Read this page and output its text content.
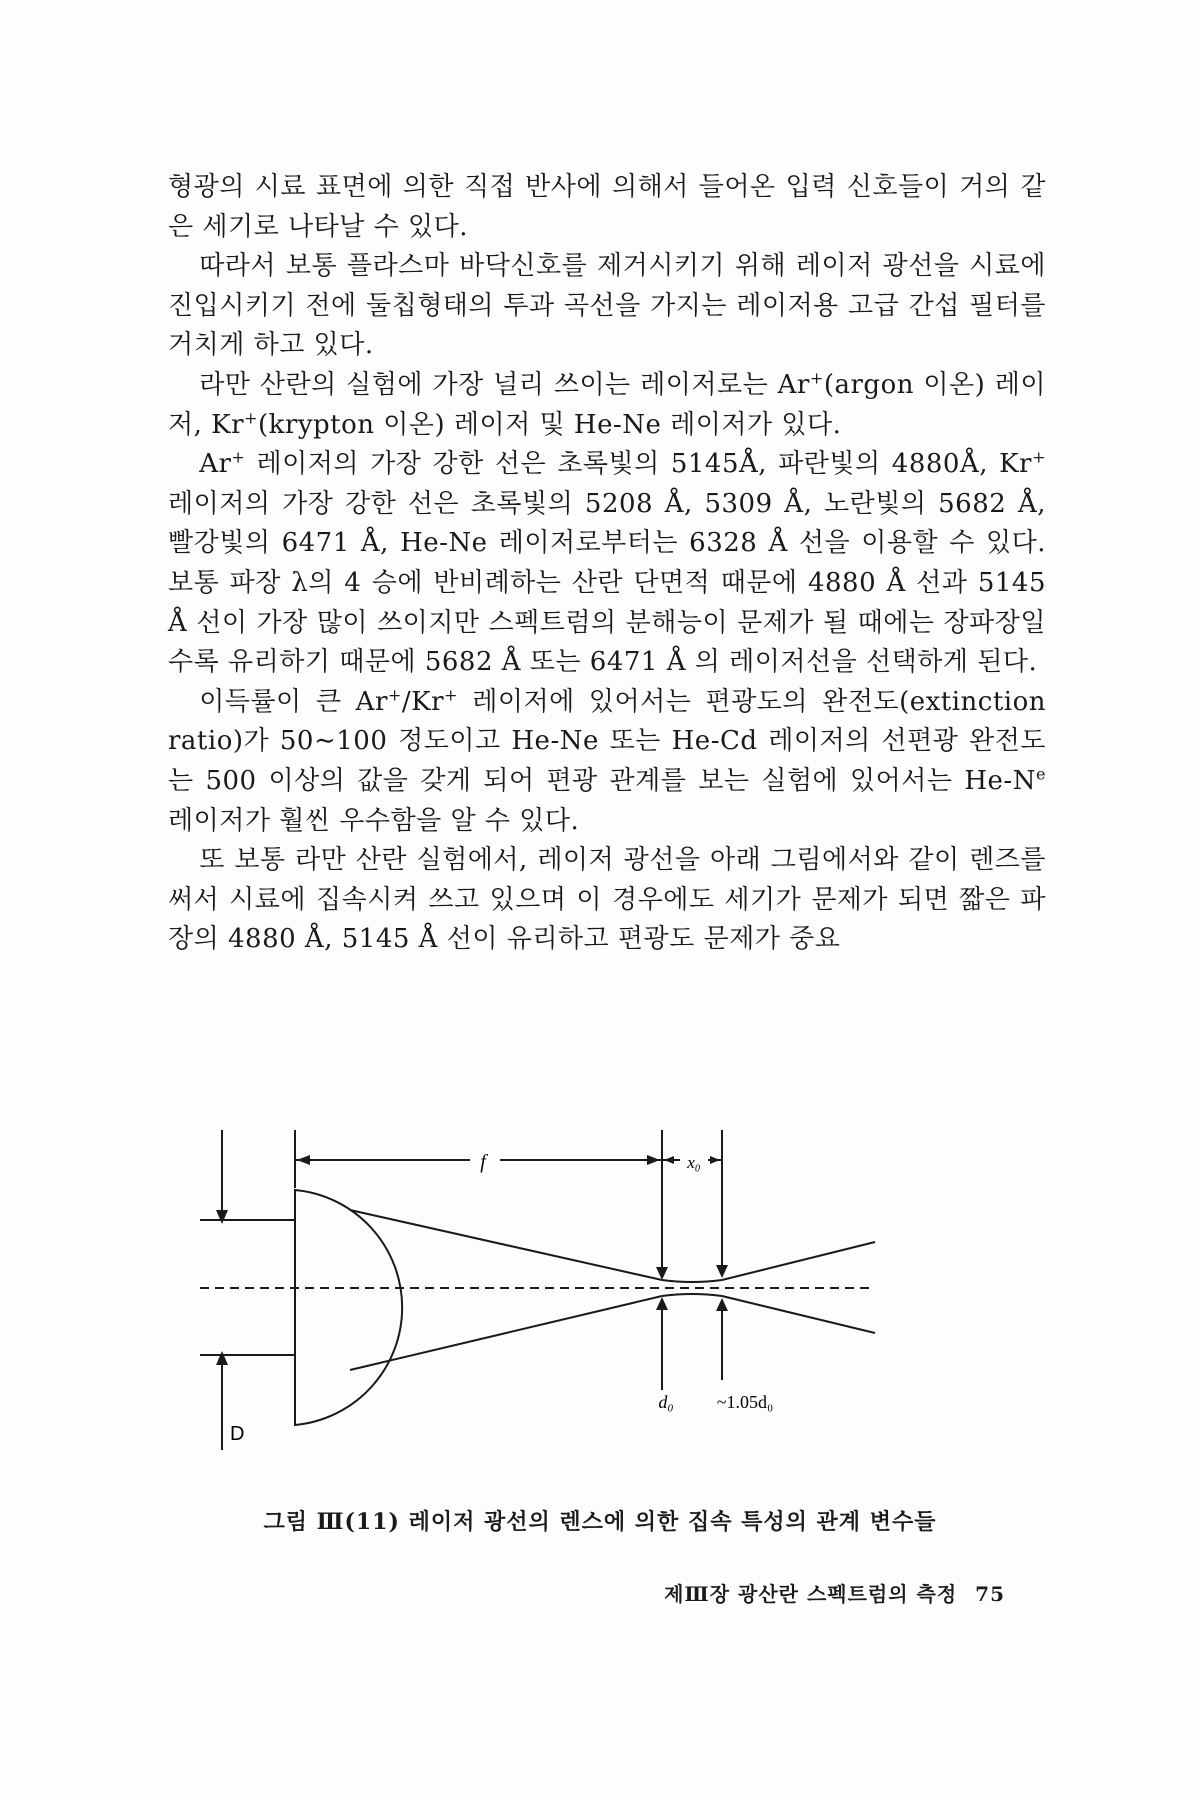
형광의 시료 표면에 의한 직접 반사에 의해서 들어온 입력 신호들이 거의 같은 세기로 나타날 수 있다.

따라서 보통 플라스마 바닥신호를 제거시키기 위해 레이저 광선을 시료에 진입시키기 전에 둘칩형태의 투과 곡선을 가지는 레이저용 고급 간섭 필터를 거치게 하고 있다.

라만 산란의 실험에 가장 널리 쓰이는 레이저로는 Ar+(argon 이온) 레이저, Kr+(krypton 이온) 레이저 및 He-Ne 레이저가 있다.

Ar+ 레이저의 가장 강한 선은 초록빛의 5145Å, 파란빛의 4880Å, Kr+ 레이저의 가장 강한 선은 초록빛의 5208 Å, 5309 Å, 노란빛의 5682 Å, 빨강빛의 6471 Å, He-Ne 레이저로부터는 6328 Å 선을 이용할 수 있다. 보통 파장 λ의 4 승에 반비례하는 산란 단면적 때문에 4880 Å 선과 5145 Å 선이 가장 많이 쓰이지만 스펙트럼의 분해능이 문제가 될 때에는 장파장일수록 유리하기 때문에 5682 Å 또는 6471 Å 의 레이저선을 선택하게 된다.

이득률이 큰 Ar+/Kr+ 레이저에 있어서는 편광도의 완전도(extinction ratio)가 50∼100 정도이고 He-Ne 또는 He-Cd 레이저의 선편광 완전도는 500 이상의 값을 갖게 되어 편광 관계를 보는 실험에 있어서는 $He-N^e$ 레이저가 훨씬 우수함을 알 수 있다.

또 보통 라만 산란 실험에서, 레이저 광선을 아래 그림에서와 같이 렌즈를 써서 시료에 집속시켜 쓰고 있으며 이 경우에도 세기가 문제가 되면 짧은 파장의 4880 Å, 5145 Å 선이 유리하고 편광도 문제가 중요

f	x₀
d₀ ~1.05d₀
D
그림 Ⅲ(11) 레이저 광선의 렌스에 의한 집속 특성의 관계 변수들
제Ⅲ장 광산란 스펙트럼의 측정 75
